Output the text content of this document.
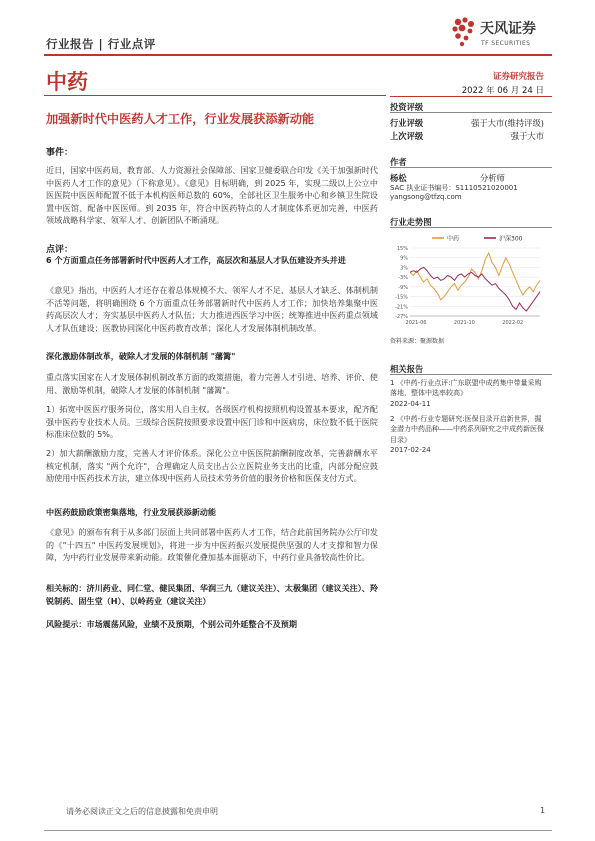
行业报告 | 行业点评
天风证券
TF SECURITIES
中药
加强新时代中医药人才工作，行业发展获添新动能
事件：
近日，国家中医药局、教育部、人力资源社会保障部、国家卫健委联合印发《关于加强新时代中医药人才工作的意见》（下称意见）。《意见》目标明确，到 2025 年，实现二级以上公立中医医院中医医师配置不低于本机构医师总数的 60%，全部社区卫生服务中心和乡镇卫生院设置中医馆、配备中医医师。到 2035 年，符合中医药特点的人才制度体系更加完善，中医药领域战略科学家、领军人才、创新团队不断涌现。
点评：
6 个方面重点任务部署新时代中医药人才工作，高层次和基层人才队伍建设齐头并进
《意见》指出，中医药人才还存在着总体规模不大、领军人才不足、基层人才缺乏、体制机制不活等问题，将明确围绕 6 个方面重点任务部署新时代中医药人才工作；加快培养集聚中医药高层次人才；夯实基层中医药人才队伍；大力推进西医学习中医；统筹推进中医药重点领域人才队伍建设；医教协同深化中医药教育改革；深化人才发展体制机制改革。
深化激励体制改革，破除人才发展的体制机制 "藩篱"
重点落实国家在人才发展体制机制改革方面的政策措施，着力完善人才引进、培养、评价、使用、激励等机制，破除人才发展的体制机制 "藩篱"。
1）拓宽中医医疗服务岗位，落实用人自主权。各级医疗机构按照机构设置基本要求，配齐配强中医药专业技术人员。三级综合医院按照要求设置中医门诊和中医病房，床位数不低于医院标准床位数的 5%。
2）加大薪酬激励力度，完善人才评价体系。深化公立中医医院薪酬制度改革，完善薪酬水平核定机制，落实 "两个允许"，合理确定人员支出占公立医院业务支出的比重，内部分配应鼓励使用中医药技术方法，建立体现中医药人员技术劳务价值的服务价格和医保支付方式。
中医药鼓励政策密集落地，行业发展获添新动能
《意见》的颁布有利于从多部门层面上共同部署中医药人才工作，结合此前国务院办公厅印发的《"十四五" 中医药发展规划》，将进一步为中医药振兴发展提供坚强的人才支撑和智力保障，为中药行业发展带来新动能。政策催化叠加基本面驱动下，中药行业具备较高性价比。
相关标的：济川药业、同仁堂、健民集团、华润三九（建议关注）、太极集团（建议关注）、羚锐制药、固生堂（H）、以岭药业（建议关注）
风险提示：市场震荡风险，业绩不及预期，个别公司外延整合不及预期
证券研究报告
2022 年 06 月 24 日
投资评级
行业评级	强于大市(维持评级)
上次评级	强于大市
作者
杨松	分析师
SAC 执业证书编号：S1110521020001
yangsong@tfzq.com
行业走势图
中药	沪深300
15%
9%
3%
-3%
-9%
-15%
-21%
-27%
2021-06	2021-10	2022-02
资料来源：聚源数据
相关报告
1 《中药-行业点评:广东联盟中成药集中带量采购落地，整体中选率较高》
2022-04-11
2 《中药-行业专题研究:医保目录开启新世界，掘金潜力中药品种——中药系列研究之中成药新医保目录》
2017-02-24
请务必阅读正文之后的信息披露和免责申明	1
